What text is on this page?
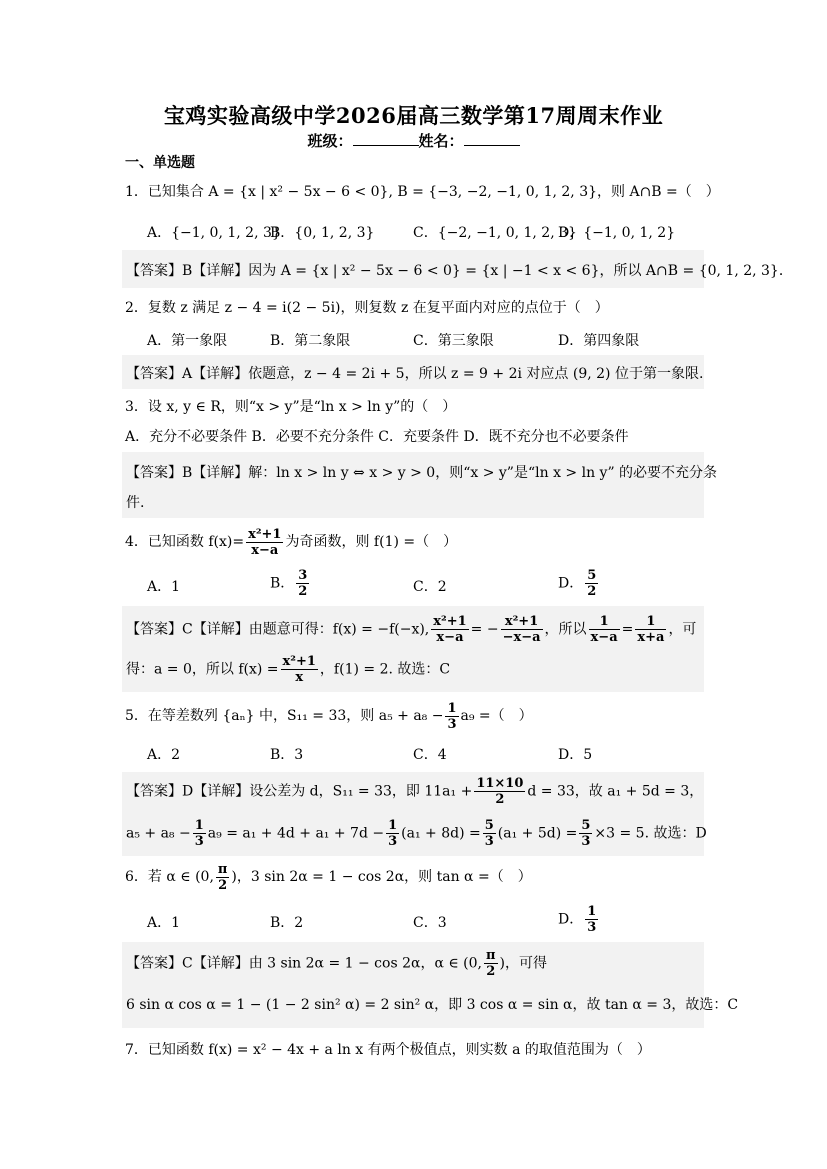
宝鸡实验高级中学2026届高三数学第17周周末作业
班级：	姓名：
一、单选题
1．已知集合 A = {x | x² − 5x − 6 < 0}, B = {−3, −2, −1, 0, 1, 2, 3}，则 A∩B =（　）
A．{−1, 0, 1, 2, 3}
B．{0, 1, 2, 3}	C．{−2, −1, 0, 1, 2, 3}
D．{−1, 0, 1, 2}
【答案】B【详解】因为 A = {x | x² − 5x − 6 < 0} = {x | −1 < x < 6}，所以 A∩B = {0, 1, 2, 3}．
2．复数 z 满足 z − 4 = i(2 − 5i)，则复数 z 在复平面内对应的点位于（　）
A．第一象限	B．第二象限	C．第三象限	D．第四象限
【答案】A【详解】依题意，z − 4 = 2i + 5，所以 z = 9 + 2i 对应点 (9, 2) 位于第一象限.
3．设 x, y ∈ R，则“x > y”是“ln x > ln y”的（　）
A．充分不必要条件 B．必要不充分条件 C．充要条件 D．既不充分也不必要条件
【答案】B【详解】解：ln x > ln y ⇔ x > y > 0，则“x > y”是“ln x > ln y” 的必要不充分条
件.
4．已知函数 $f(x)= \frac{\text{x²+1}}{x-a}$ 为奇函数，则 f(1) =（　）
A．1	B． $\frac{3}{2}$	C．2	D． $\frac{5}{2}$
【答案】C【详解】由题意可得：f(x) = −f(−x), $\frac{\text{x²+1}}{x-a}$ = − $\frac{\text{x²+1}}{-x-a}$ ，所以 $\frac{1}{x-a} = \frac{1}{x+a}$ ，可
得：a = 0，所以 $f(x) = \frac{\text{x²+1}}{x}$ ，f(1) = 2. 故选：C
5．在等差数列 {aₙ} 中，S₁₁ = 33，则 $a_5 + a_8 - \frac{1}{3} a_9$ =（　）
A．2	B．3	C．4	D．5
【答案】D【详解】设公差为 d，S₁₁ = 33，即 $11a_1 + \frac{11\times 10}{2}$ d = 33，故 a₁ + 5d = 3，
$a_5 + a_8 - \frac{1}{3} a_9 = a_1 + 4d + a_1 + 7d - \frac{1}{3} (a_1 + 8d) = \frac{5}{3} (a_1 + 5d) = \frac{5}{3} \times 3 = 5$. 故选：D
6．若 α ∈ (0, $\frac{\pi}{2}$ )，3 sin 2α = 1 − cos 2α，则 tan α =（　）
A．1	B．2	C．3	D． $\frac{1}{3}$
【答案】C【详解】由 3 sin 2α = 1 − cos 2α，α ∈ (0, $\frac{\pi}{2}$ )，可得
6 sin α cos α = 1 − (1 − 2 sin² α) = 2 sin² α，即 3 cos α = sin α，故 tan α = 3，故选：C
7．已知函数 f(x) = x² − 4x + a ln x 有两个极值点，则实数 a 的取值范围为（　）
